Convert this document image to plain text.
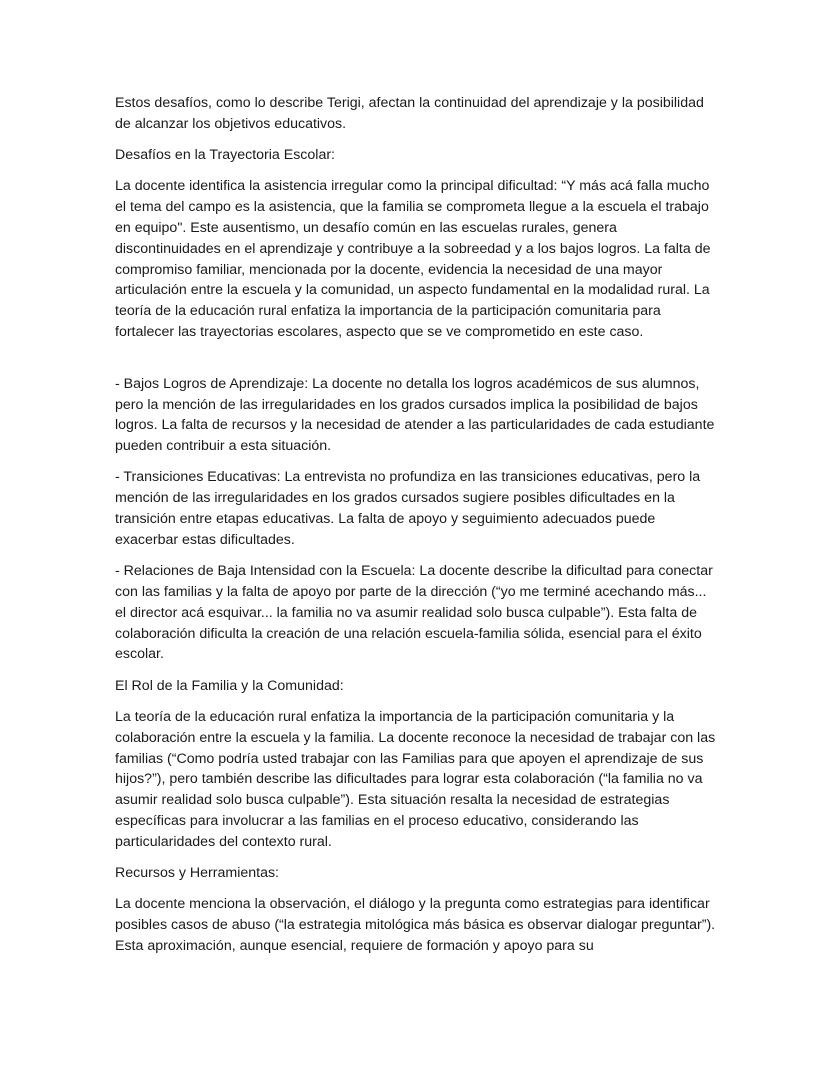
Estos desafíos, como lo describe Terigi, afectan la continuidad del aprendizaje y la posibilidad de alcanzar los objetivos educativos.

Desafíos en la Trayectoria Escolar:

La docente identifica la asistencia irregular como la principal dificultad: “Y más acá falla mucho el tema del campo es la asistencia, que la familia se comprometa llegue a la escuela el trabajo en equipo". Este ausentismo, un desafío común en las escuelas rurales, genera discontinuidades en el aprendizaje y contribuye a la sobreedad y a los bajos logros. La falta de compromiso familiar, mencionada por la docente, evidencia la necesidad de una mayor articulación entre la escuela y la comunidad, un aspecto fundamental en la modalidad rural. La teoría de la educación rural enfatiza la importancia de la participación comunitaria para fortalecer las trayectorias escolares, aspecto que se ve comprometido en este caso.

- Bajos Logros de Aprendizaje: La docente no detalla los logros académicos de sus alumnos, pero la mención de las irregularidades en los grados cursados implica la posibilidad de bajos logros. La falta de recursos y la necesidad de atender a las particularidades de cada estudiante pueden contribuir a esta situación.

- Transiciones Educativas: La entrevista no profundiza en las transiciones educativas, pero la mención de las irregularidades en los grados cursados sugiere posibles dificultades en la transición entre etapas educativas. La falta de apoyo y seguimiento adecuados puede exacerbar estas dificultades.

- Relaciones de Baja Intensidad con la Escuela: La docente describe la dificultad para conectar con las familias y la falta de apoyo por parte de la dirección (“yo me terminé acechando más... el director acá esquivar... la familia no va asumir realidad solo busca culpable”). Esta falta de colaboración dificulta la creación de una relación escuela-familia sólida, esencial para el éxito escolar.

El Rol de la Familia y la Comunidad:

La teoría de la educación rural enfatiza la importancia de la participación comunitaria y la colaboración entre la escuela y la familia. La docente reconoce la necesidad de trabajar con las familias (“Como podría usted trabajar con las Familias para que apoyen el aprendizaje de sus hijos?”), pero también describe las dificultades para lograr esta colaboración (“la familia no va asumir realidad solo busca culpable”). Esta situación resalta la necesidad de estrategias específicas para involucrar a las familias en el proceso educativo, considerando las particularidades del contexto rural.

Recursos y Herramientas:

La docente menciona la observación, el diálogo y la pregunta como estrategias para identificar posibles casos de abuso (“la estrategia mitológica más básica es observar dialogar preguntar”). Esta aproximación, aunque esencial, requiere de formación y apoyo para su
